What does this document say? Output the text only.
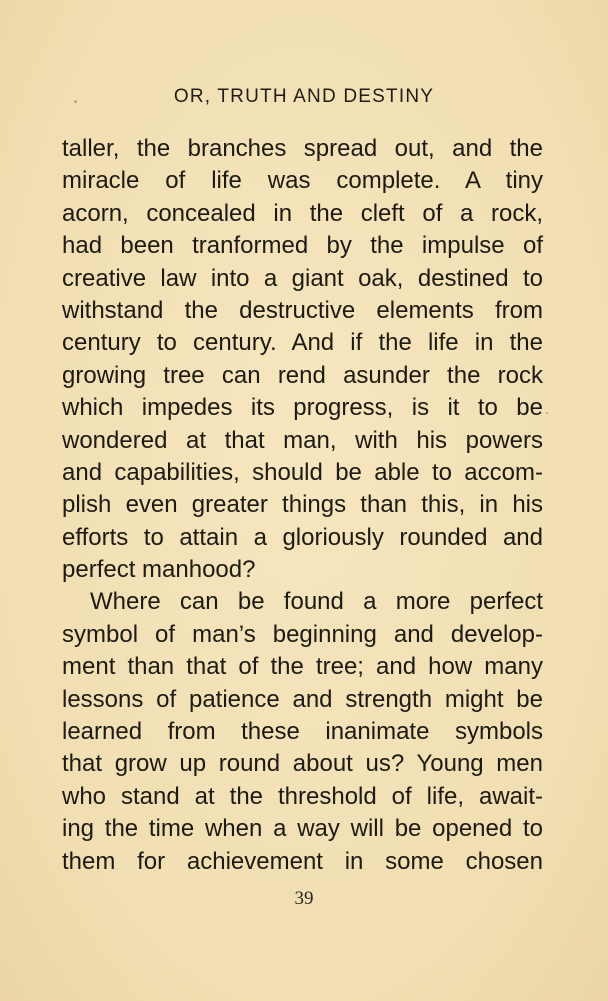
OR, TRUTH AND DESTINY
taller, the branches spread out, and the
miracle of life was complete. A tiny
acorn, concealed in the cleft of a rock,
had been tranformed by the impulse of
creative law into a giant oak, destined to
withstand the destructive elements from
century to century. And if the life in the
growing tree can rend asunder the rock
which impedes its progress, is it to be
wondered at that man, with his powers
and capabilities, should be able to accom-
plish even greater things than this, in his
efforts to attain a gloriously rounded and
perfect manhood?
Where can be found a more perfect
symbol of man’s beginning and develop-
ment than that of the tree; and how many
lessons of patience and strength might be
learned from these inanimate symbols
that grow up round about us? Young men
who stand at the threshold of life, await-
ing the time when a way will be opened to
them for achievement in some chosen
39
